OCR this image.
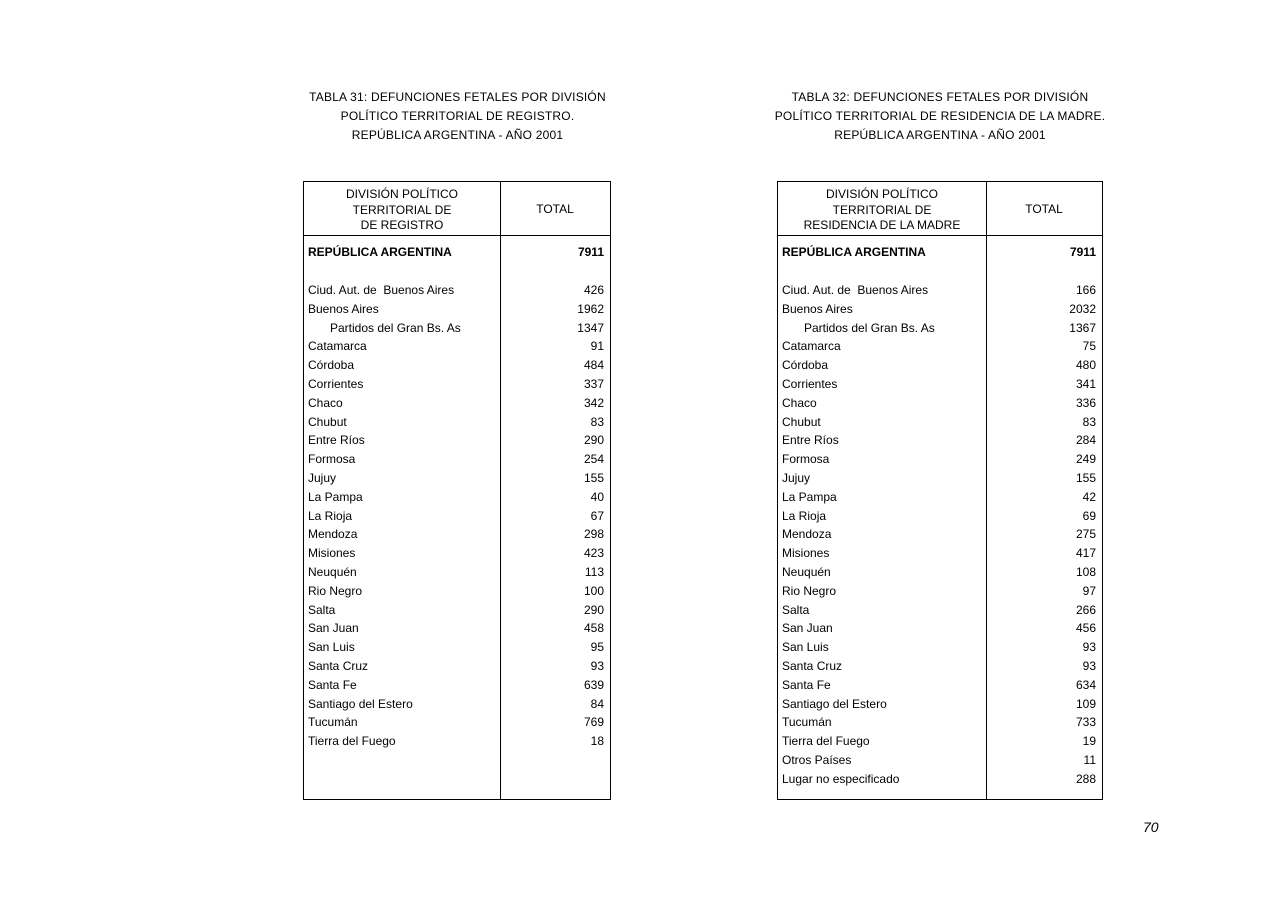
TABLA 31: DEFUNCIONES FETALES POR DIVISIÓN
POLÍTICO TERRITORIAL DE REGISTRO.
REPÚBLICA ARGENTINA - AÑO 2001
TABLA 32: DEFUNCIONES FETALES POR DIVISIÓN
POLÍTICO TERRITORIAL DE RESIDENCIA DE LA MADRE.
REPÚBLICA ARGENTINA - AÑO 2001
DIVISIÓN POLÍTICO
TERRITORIAL DE
DE REGISTRO
TOTAL
REPÚBLICA ARGENTINA	7911
Ciud. Aut. de  Buenos Aires	426
Buenos Aires	1962
Partidos del Gran Bs. As	1347
Catamarca	91
Córdoba	484
Corrientes	337
Chaco	342
Chubut	83
Entre Ríos	290
Formosa	254
Jujuy	155
La Pampa	40
La Rioja	67
Mendoza	298
Misiones	423
Neuquén	113
Rio Negro	100
Salta	290
San Juan	458
San Luis	95
Santa Cruz	93
Santa Fe	639
Santiago del Estero	84
Tucumán	769
Tierra del Fuego	18
DIVISIÓN POLÍTICO
TERRITORIAL DE
RESIDENCIA DE LA MADRE
TOTAL
REPÚBLICA ARGENTINA	7911
Ciud. Aut. de  Buenos Aires	166
Buenos Aires	2032
Partidos del Gran Bs. As	1367
Catamarca	75
Córdoba	480
Corrientes	341
Chaco	336
Chubut	83
Entre Ríos	284
Formosa	249
Jujuy	155
La Pampa	42
La Rioja	69
Mendoza	275
Misiones	417
Neuquén	108
Rio Negro	97
Salta	266
San Juan	456
San Luis	93
Santa Cruz	93
Santa Fe	634
Santiago del Estero	109
Tucumán	733
Tierra del Fuego	19
Otros Países	11
Lugar no especificado	288
70
